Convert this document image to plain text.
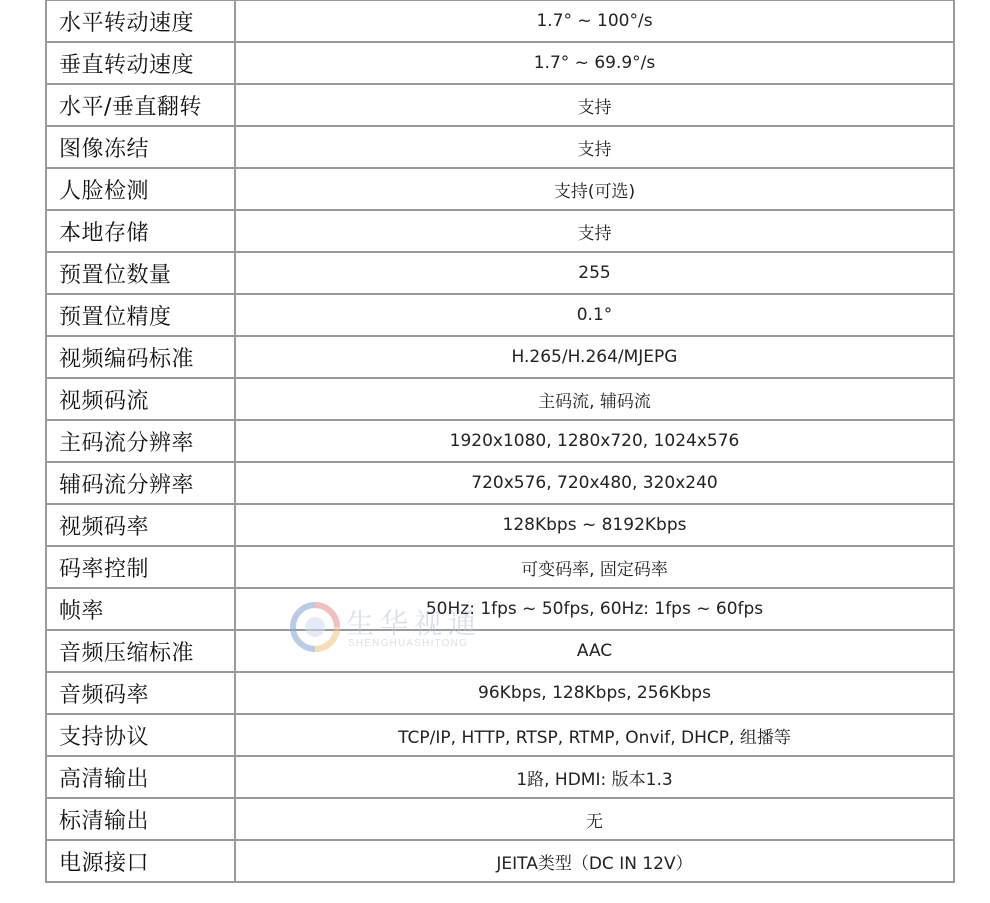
水平转动速度	1.7° ~ 100°/s
垂直转动速度	1.7° ~ 69.9°/s
水平/垂直翻转	支持
图像冻结	支持
人脸检测	支持(可选)
本地存储	支持
预置位数量	255
预置位精度	0.1°
视频编码标准	H.265/H.264/MJEPG
视频码流	主码流, 辅码流
主码流分辨率	1920x1080, 1280x720, 1024x576
辅码流分辨率	720x576, 720x480, 320x240
视频码率	128Kbps ~ 8192Kbps
码率控制	可变码率, 固定码率
帧率	50Hz: 1fps ~ 50fps, 60Hz: 1fps ~ 60fps
音频压缩标准	AAC
音频码率	96Kbps, 128Kbps, 256Kbps
支持协议	TCP/IP, HTTP, RTSP, RTMP, Onvif, DHCP, 组播等
高清输出	1路, HDMI: 版本1.3
标清输出	无
电源接口	JEITA类型（DC IN 12V）
生华视通
SHENGHUASHITONG
